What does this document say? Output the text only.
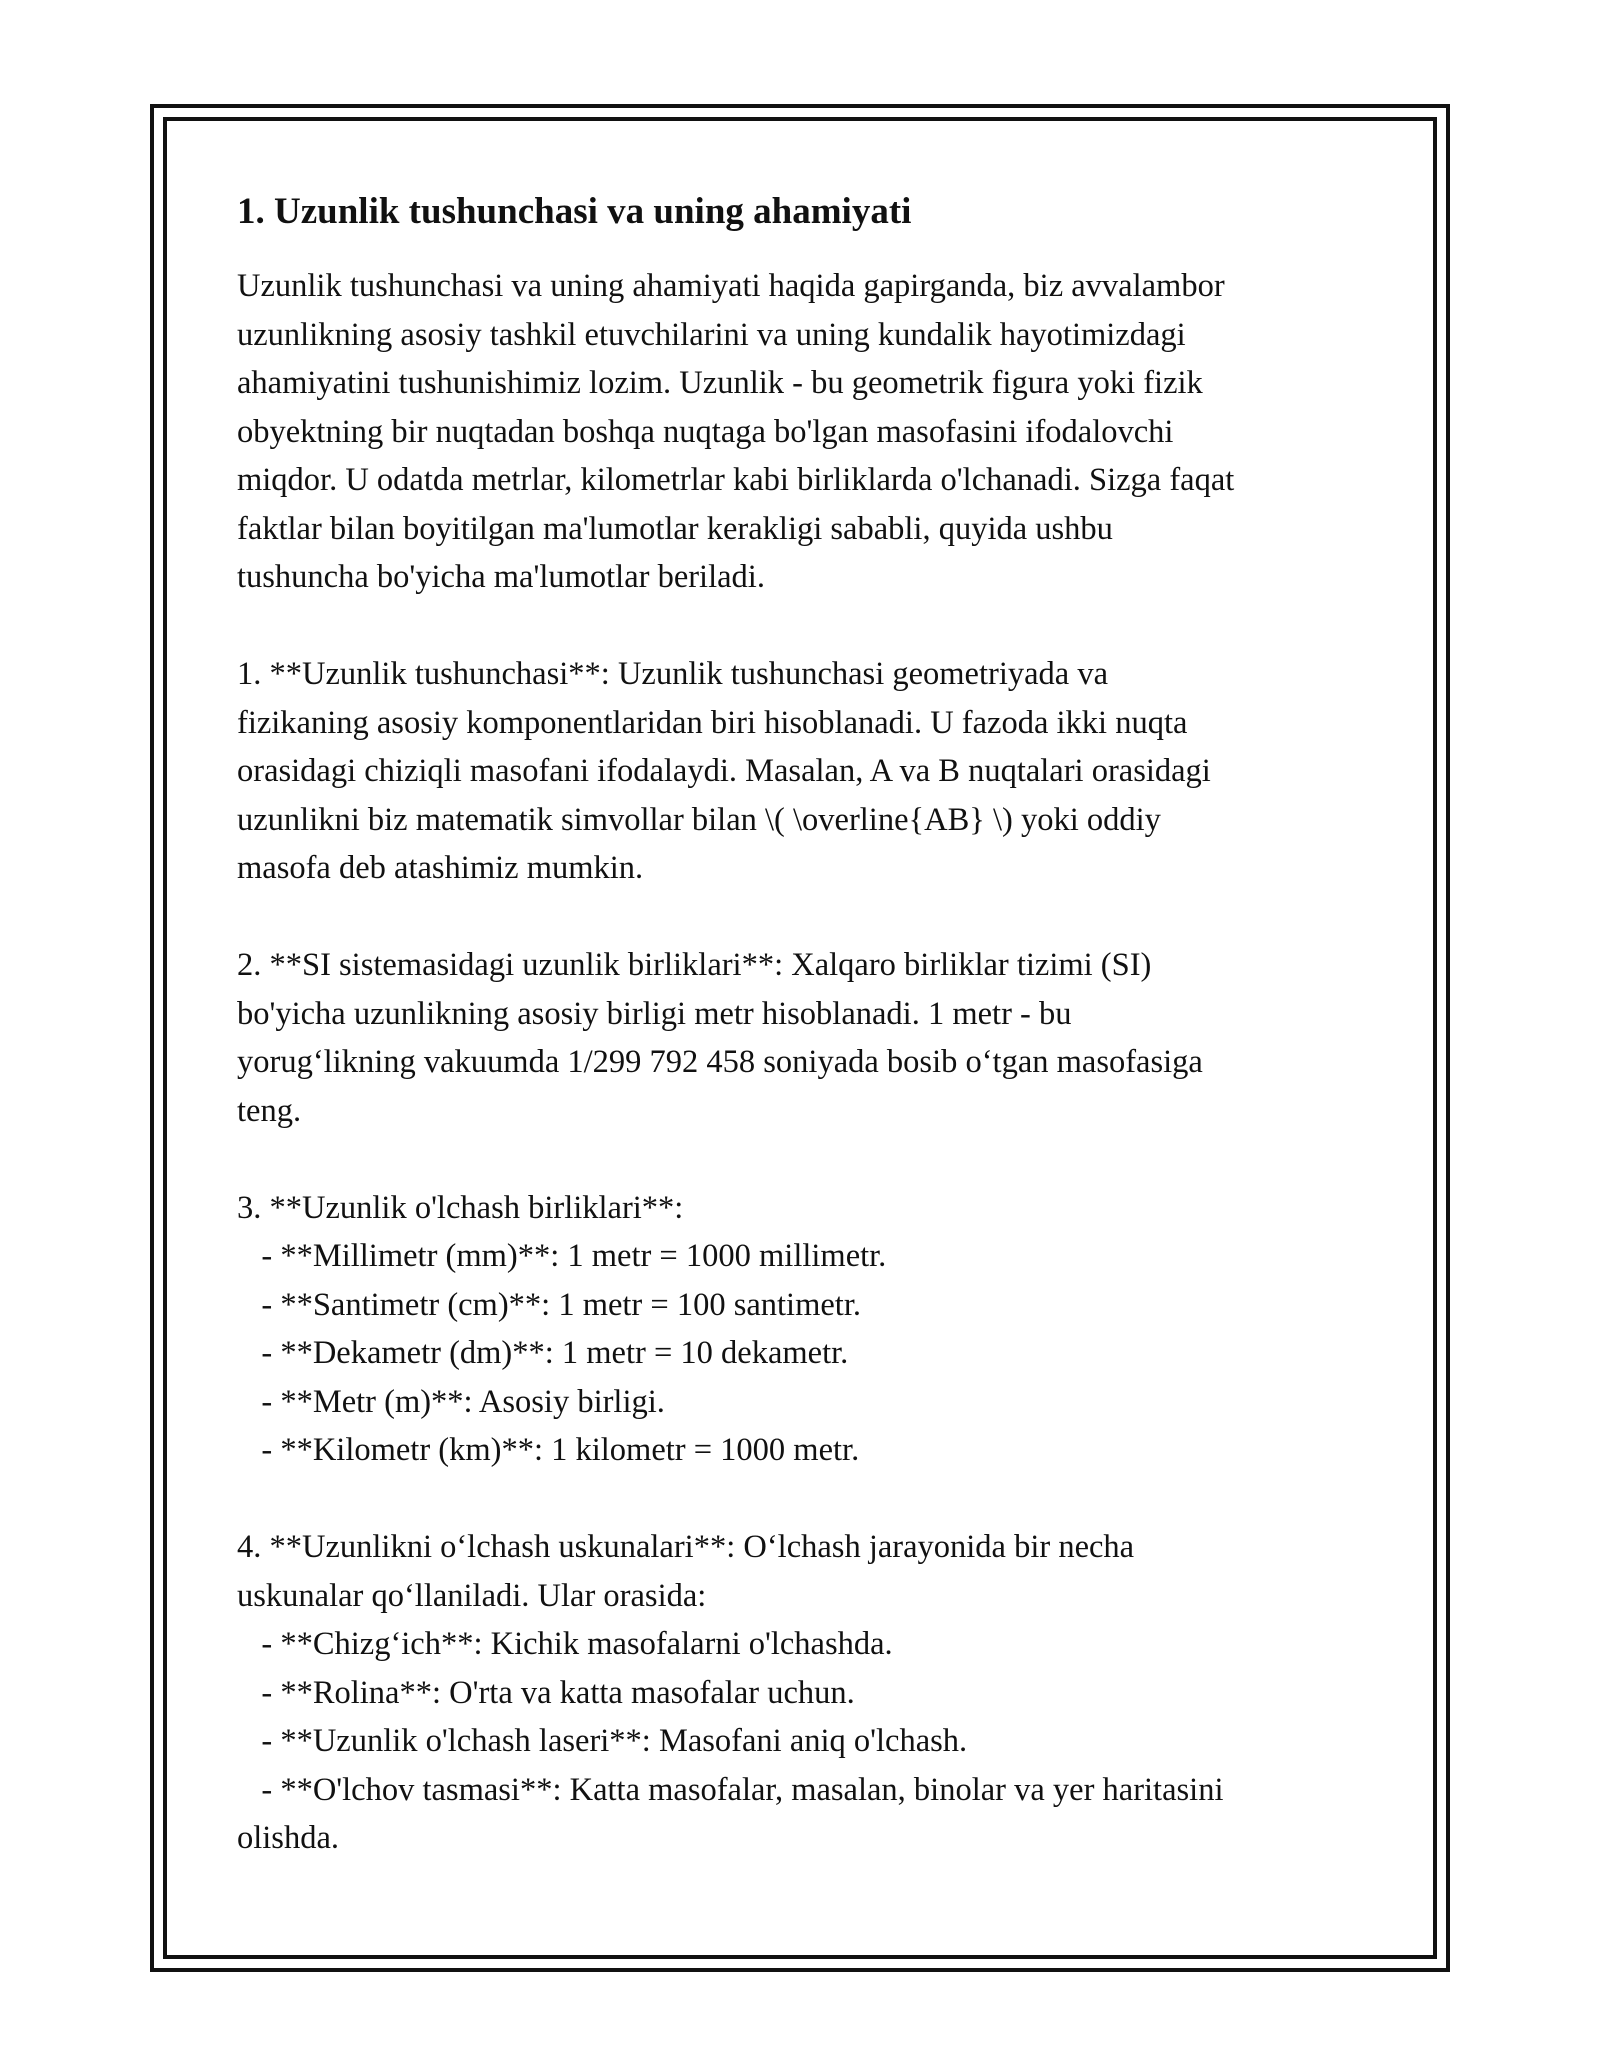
1. Uzunlik tushunchasi va uning ahamiyati

Uzunlik tushunchasi va uning ahamiyati haqida gapirganda, biz avvalambor
uzunlikning asosiy tashkil etuvchilarini va uning kundalik hayotimizdagi
ahamiyatini tushunishimiz lozim. Uzunlik - bu geometrik figura yoki fizik
obyektning bir nuqtadan boshqa nuqtaga bo'lgan masofasini ifodalovchi
miqdor. U odatda metrlar, kilometrlar kabi birliklarda o'lchanadi. Sizga faqat
faktlar bilan boyitilgan ma'lumotlar kerakligi sababli, quyida ushbu
tushuncha bo'yicha ma'lumotlar beriladi.

1. **Uzunlik tushunchasi**: Uzunlik tushunchasi geometriyada va
fizikaning asosiy komponentlaridan biri hisoblanadi. U fazoda ikki nuqta
orasidagi chiziqli masofani ifodalaydi. Masalan, A va B nuqtalari orasidagi
uzunlikni biz matematik simvollar bilan \( \overline{AB} \) yoki oddiy
masofa deb atashimiz mumkin.

2. **SI sistemasidagi uzunlik birliklari**: Xalqaro birliklar tizimi (SI)
bo'yicha uzunlikning asosiy birligi metr hisoblanadi. 1 metr - bu
yorug‘likning vakuumda 1/299 792 458 soniyada bosib o‘tgan masofasiga
teng.

3. **Uzunlik o'lchash birliklari**:
- **Millimetr (mm)**: 1 metr = 1000 millimetr.
- **Santimetr (cm)**: 1 metr = 100 santimetr.
- **Dekametr (dm)**: 1 metr = 10 dekametr.
- **Metr (m)**: Asosiy birligi.
- **Kilometr (km)**: 1 kilometr = 1000 metr.

4. **Uzunlikni o‘lchash uskunalari**: O‘lchash jarayonida bir necha
uskunalar qo‘llaniladi. Ular orasida:
- **Chizg‘ich**: Kichik masofalarni o'lchashda.
- **Rolina**: O'rta va katta masofalar uchun.
- **Uzunlik o'lchash laseri**: Masofani aniq o'lchash.
- **O'lchov tasmasi**: Katta masofalar, masalan, binolar va yer haritasini
olishda.
